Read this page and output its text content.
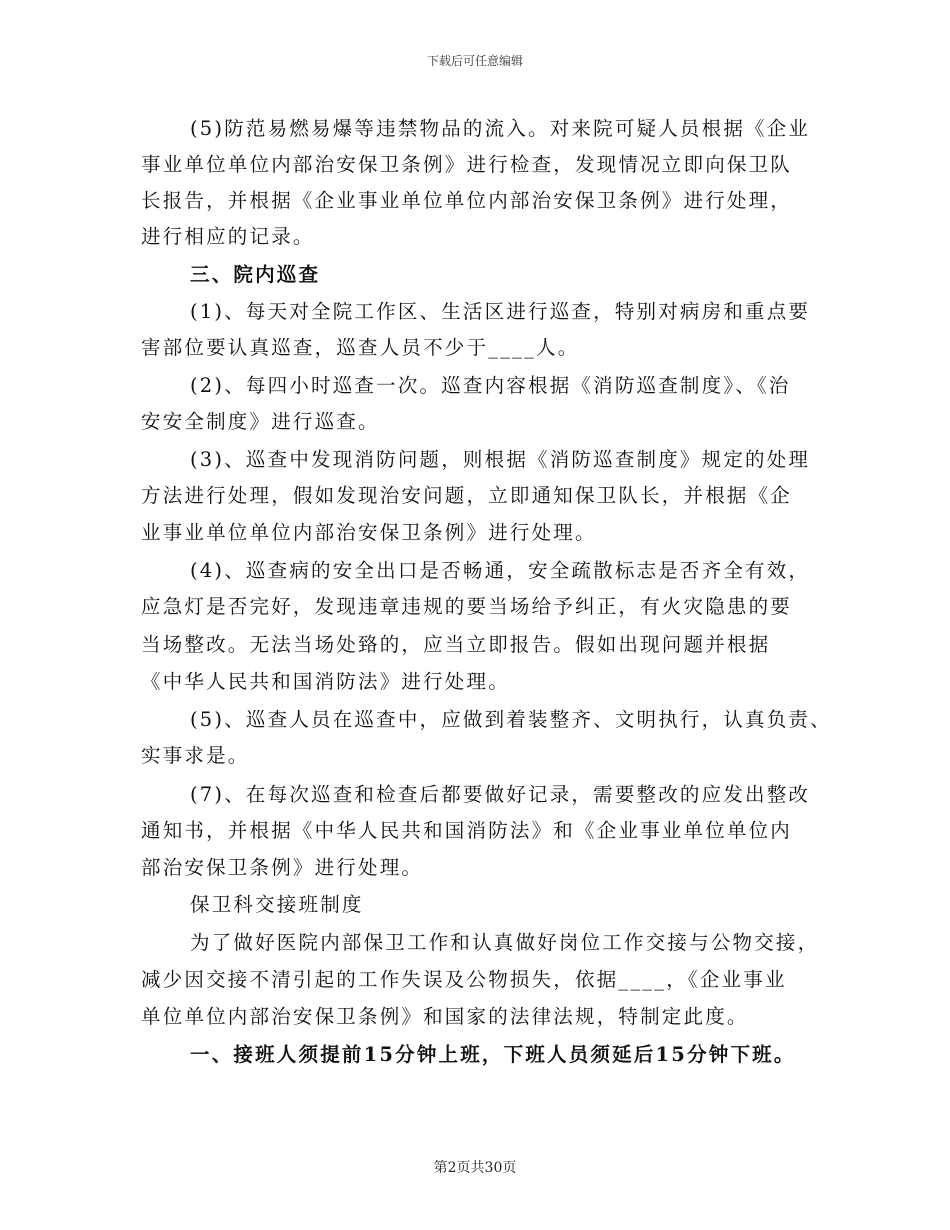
下载后可任意编辑
(5)防范易燃易爆等违禁物品的流入。对来院可疑人员根据《企业
事业单位单位内部治安保卫条例》进行检查，发现情况立即向保卫队
长报告，并根据《企业事业单位单位内部治安保卫条例》进行处理，
进行相应的记录。
三、院内巡查
(1)、每天对全院工作区、生活区进行巡查，特别对病房和重点要
害部位要认真巡查，巡查人员不少于____人。
(2)、每四小时巡查一次。巡查内容根据《消防巡查制度》、《治
安安全制度》进行巡查。
(3)、巡查中发现消防问题，则根据《消防巡查制度》规定的处理
方法进行处理，假如发现治安问题，立即通知保卫队长，并根据《企
业事业单位单位内部治安保卫条例》进行处理。
(4)、巡查病的安全出口是否畅通，安全疏散标志是否齐全有效，
应急灯是否完好，发现违章违规的要当场给予纠正，有火灾隐患的要
当场整改。无法当场处臵的，应当立即报告。假如出现问题并根据
《中华人民共和国消防法》进行处理。
(5)、巡查人员在巡查中，应做到着装整齐、文明执行，认真负责、
实事求是。
(7)、在每次巡查和检查后都要做好记录，需要整改的应发出整改
通知书，并根据《中华人民共和国消防法》和《企业事业单位单位内
部治安保卫条例》进行处理。
保卫科交接班制度
为了做好医院内部保卫工作和认真做好岗位工作交接与公物交接，
减少因交接不清引起的工作失误及公物损失，依据____，《企业事业
单位单位内部治安保卫条例》和国家的法律法规，特制定此度。
一、接班人须提前15分钟上班，下班人员须延后15分钟下班。
第2页共30页
